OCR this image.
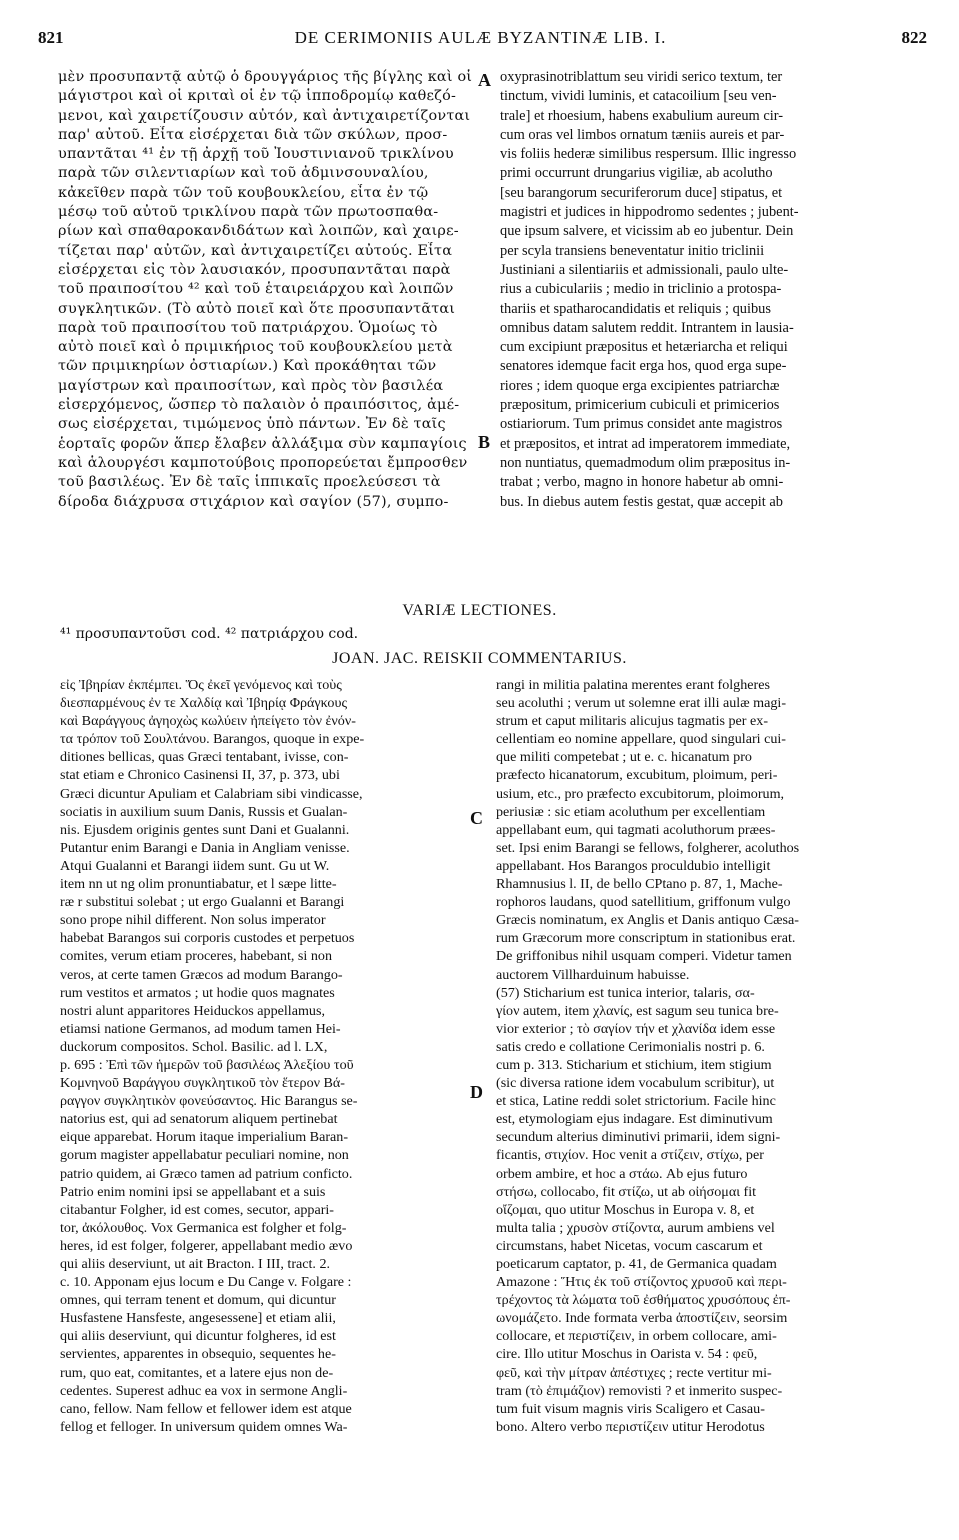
821	DE CERIMONIIS AULÆ BYZANTINÆ LIB. I.	822
μὲν προσυπαντᾷ αὐτῷ ὁ δρουγγάριος τῆς βίγλης καὶ οἱ
μάγιστροι καὶ οἱ κριταὶ οἱ ἐν τῷ ἱπποδρομίῳ καθεζό-
μενοι, καὶ χαιρετίζουσιν αὐτόν, καὶ ἀντιχαιρετίζονται
παρ' αὐτοῦ. Εἶτα εἰσέρχεται διὰ τῶν σκύλων, προσ-
υπαντᾶται ⁴¹ ἐν τῇ ἀρχῇ τοῦ Ἰουστινιανοῦ τρικλίνου
παρὰ τῶν σιλεντιαρίων καὶ τοῦ ἀδμινσουναλίου,
κἀκεῖθεν παρὰ τῶν τοῦ κουβουκλείου, εἶτα ἐν τῷ
μέσῳ τοῦ αὐτοῦ τρικλίνου παρὰ τῶν πρωτοσπαθα-
ρίων καὶ σπαθαροκανδιδάτων καὶ λοιπῶν, καὶ χαιρε-
τίζεται παρ' αὐτῶν, καὶ ἀντιχαιρετίζει αὐτούς. Εἶτα
εἰσέρχεται εἰς τὸν λαυσιακόν, προσυπαντᾶται παρὰ
τοῦ πραιποσίτου ⁴² καὶ τοῦ ἑταιρειάρχου καὶ λοιπῶν
συγκλητικῶν. (Τὸ αὐτὸ ποιεῖ καὶ ὅτε προσυπαντᾶται
παρὰ τοῦ πραιποσίτου τοῦ πατριάρχου. Ὁμοίως τὸ
αὐτὸ ποιεῖ καὶ ὁ πριμικήριος τοῦ κουβουκλείου μετὰ
τῶν πριμικηρίων ὀστιαρίων.) Καὶ προκάθηται τῶν
μαγίστρων καὶ πραιποσίτων, καὶ πρὸς τὸν βασιλέα
εἰσερχόμενος, ὥσπερ τὸ παλαιὸν ὁ πραιπόσιτος, ἀμέ-
σως εἰσέρχεται, τιμώμενος ὑπὸ πάντων. Ἐν δὲ ταῖς
ἑορταῖς φορῶν ἅπερ ἔλαβεν ἀλλάξιμα σὺν καμπαγίοις
καὶ ἁλουργέσι καμποτούβοις προπορεύεται ἔμπροσθεν
τοῦ βασιλέως. Ἐν δὲ ταῖς ἱππικαῖς προελεύσεσι τὰ
δίροδα διάχρυσα στιχάριον καὶ σαγίον (57), συμπο-
A oxyprasinotriblattum seu viridi serico textum, ter
tinctum, vividi luminis, et catacoilium [seu ven-
trale] et rhoesium, habens exabulium aureum cir-
cum oras vel limbos ornatum tæniis aureis et par-
vis foliis hederæ similibus respersum. Illic ingresso
primi occurrunt drungarius vigiliæ, ab acolutho
[seu barangorum securiferorum duce] stipatus, et
magistri et judices in hippodromo sedentes ; jubent-
que ipsum salvere, et vicissim ab eo jubentur. Dein
per scyla transiens beneventatur initio triclinii
Justiniani a silentiariis et admissionali, paulo ulte-
rius a cubiculariis ; medio in triclinio a protospa-
thariis et spatharocandidatis et reliquis ; quibus
omnibus datam salutem reddit. Intrantem in lausia-
cum excipiunt præpositus et hetæriarcha et reliqui
senatores idemque facit erga hos, quod erga supe-
riores ; idem quoque erga excipientes patriarchæ
præpositum, primicerium cubiculi et primicerios
ostiariorum. Tum primus considet ante magistros
et præpositos, et intrat ad imperatorem immediate,
non nuntiatus, quemadmodum olim præpositus in-
trabat ; verbo, magno in honore habetur ab omni-
bus. In diebus autem festis gestat, quæ accepit ab
B
VARIÆ LECTIONES.
⁴¹ προσυπαντοῦσι cod. ⁴² πατριάρχου cod.
JOAN. JAC. REISKII COMMENTARIUS.
εἰς Ἰβηρίαν ἐκπέμπει. Ὅς ἐκεῖ γενόμενος καὶ τοὺς
διεσπαρμένους ἐν τε Χαλδίᾳ καὶ Ἰβηρίᾳ Φράγκους
καὶ Βαράγγους ἀγηοχὼς κωλύειν ἠπείγετο τὸν ἐνόν-
τα τρόπον τοῦ Σουλτάνου. Barangos, quoque in expe-
ditiones bellicas, quas Græci tentabant, ivisse, con-
stat etiam e Chronico Casinensi II, 37, p. 373, ubi
Græci dicuntur Apuliam et Calabriam sibi vindicasse,
sociatis in auxilium suum Danis, Russis et Gualan-
nis. Ejusdem originis gentes sunt Dani et Gualanni.
Putantur enim Barangi e Dania in Angliam venisse.
Atqui Gualanni et Barangi iidem sunt. Gu ut W.
item nn ut ng olim pronuntiabatur, et l sæpe litte-
ræ r substitui solebat ; ut ergo Gualanni et Barangi
sono prope nihil different. Non solus imperator
habebat Barangos sui corporis custodes et perpetuos
comites, verum etiam proceres, habebant, si non
veros, at certe tamen Græcos ad modum Barango-
rum vestitos et armatos ; ut hodie quos magnates
nostri alunt apparitores Heiduckos appellamus,
etiamsi natione Germanos, ad modum tamen Hei-
duckorum compositos. Schol. Basilic. ad l. LX,
p. 695 : Ἐπὶ τῶν ἡμερῶν τοῦ βασιλέως Ἀλεξίου τοῦ
Κομνηνοῦ Βαράγγου συγκλητικοῦ τὸν ἕτερον Βά-
ραγγον συγκλητικὸν φονεύσαντος. Hic Barangus se-
natorius est, qui ad senatorum aliquem pertinebat
eique apparebat. Horum itaque imperialium Baran-
gorum magister appellabatur peculiari nomine, non
patrio quidem, ai Græco tamen ad patrium conficto.
Patrio enim nomini ipsi se appellabant et a suis
citabantur Folgher, id est comes, secutor, appari-
tor, ἀκόλουθος. Vox Germanica est folgher et folg-
heres, id est folger, folgerer, appellabant medio ævo
qui aliis deserviunt, ut ait Bracton. I III, tract. 2.
c. 10. Apponam ejus locum e Du Cange v. Folgare :
omnes, qui terram tenent et domum, qui dicuntur
Husfastene Hansfeste, angesessene] et etiam alii,
qui aliis deserviunt, qui dicuntur folgheres, id est
servientes, apparentes in obsequio, sequentes he-
rum, quo eat, comitantes, et a latere ejus non de-
cedentes. Superest adhuc ea vox in sermone Angli-
cano, fellow. Nam fellow et fellower idem est atque
fellog et felloger. In universum quidem omnes Wa-
C
D
rangi in militia palatina merentes erant folgheres
seu acoluthi ; verum ut solemne erat illi aulæ magi-
strum et caput militaris alicujus tagmatis per ex-
cellentiam eo nomine appellare, quod singulari cui-
que militi competebat ; ut e. c. hicanatum pro
præfecto hicanatorum, excubitum, ploimum, peri-
usium, etc., pro præfecto excubitorum, ploimorum,
periusiæ : sic etiam acoluthum per excellentiam
appellabant eum, qui tagmati acoluthorum præes-
set. Ipsi enim Barangi se fellows, folgherer, acoluthos
appellabant. Hos Barangos proculdubio intelligit
Rhamnusius l. II, de bello CPtano p. 87, 1, Mache-
rophoros laudans, quod satellitium, griffonum vulgo
Græcis nominatum, ex Anglis et Danis antiquo Cæsa-
rum Græcorum more conscriptum in stationibus erat.
De griffonibus nihil usquam comperi. Videtur tamen
auctorem Villharduinum habuisse.
(57) Sticharium est tunica interior, talaris, σα-
γίον autem, item χλανίς, est sagum seu tunica bre-
vior exterior ; τὸ σαγίον τήν et χλανίδα idem esse
satis credo e collatione Cerimonialis nostri p. 6.
cum p. 313. Sticharium et stichium, item stigium
(sic diversa ratione idem vocabulum scribitur), ut
et stica, Latine reddi solet strictorium. Facile hinc
est, etymologiam ejus indagare. Est diminutivum
secundum alterius diminutivi primarii, idem signi-
ficantis, στιχίον. Hoc venit a στίζειν, στίχω, per
orbem ambire, et hoc a στάω. Ab ejus futuro
στήσω, collocabo, fit στίζω, ut ab οἰήσομαι fit
οἴζομαι, quo utitur Moschus in Europa v. 8, et
multa talia ; χρυσὸν στίζοντα, aurum ambiens vel
circumstans, habet Nicetas, vocum cascarum et
poeticarum captator, p. 41, de Germanica quadam
Amazone : Ἥτις ἐκ τοῦ στίζοντος χρυσοῦ καὶ περι-
τρέχοντος τὰ λώματα τοῦ ἐσθήματος χρυσόπους ἐπ-
ωνομάζετο. Inde formata verba ἀποστίζειν, seorsim
collocare, et περιστίζειν, in orbem collocare, ami-
cire. Illo utitur Moschus in Oarista v. 54 : φεῦ,
φεῦ, καὶ τὴν μίτραν ἀπέστιχες ; recte vertitur mi-
tram (τὸ ἐπιμάζιον) removisti ? et inmerito suspec-
tum fuit visum magnis viris Scaligero et Casau-
bono. Altero verbo περιστίζειν utitur Herodotus
